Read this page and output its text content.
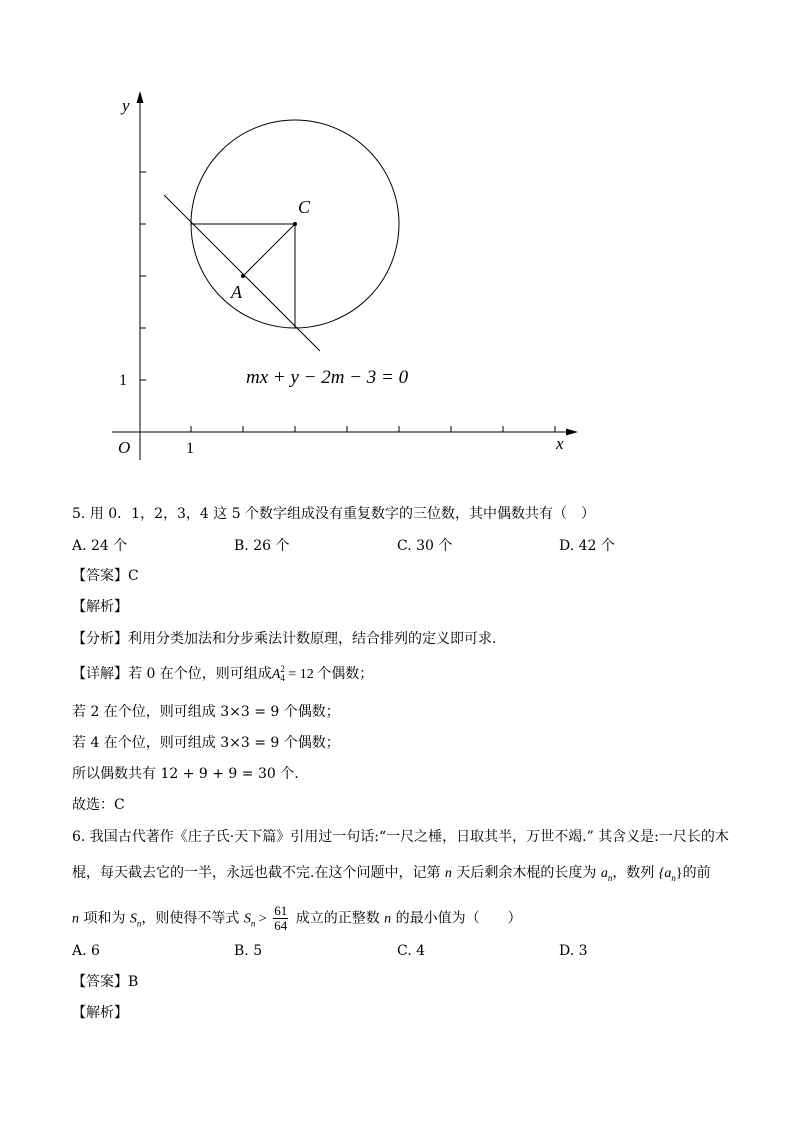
y
x
O	1
1
C
A
mx + y − 2m − 3 = 0
5. 用 0．1，2，3，4 这 5 个数字组成没有重复数字的三位数，其中偶数共有（　）
A. 24 个	B. 26 个	C. 30 个	D. 42 个
【答案】C
【解析】
【分析】利用分类加法和分步乘法计数原理，结合排列的定义即可求.
【详解】若 0 在个位，则可组成A 2
4 = 12 个偶数；
若 2 在个位，则可组成 3×3 = 9 个偶数；
若 4 在个位，则可组成 3×3 = 9 个偶数；
所以偶数共有 12 + 9 + 9 = 30 个.
故选：C
6. 我国古代著作《庄子氏·天下篇》引用过一句话:“一尺之棰，日取其半，万世不竭.” 其含义是:一尺长的木
棍，每天截去它的一半，永远也截不完.在这个问题中，记第 n 天后剩余木棍的长度为 $a_n$，数列 $\{a_n\}$的前
n 项和为 $S_n$，则使得不等式 $S_n > \frac{61}{64}$ 成立的正整数 n 的最小值为（　　）
A. 6	B. 5	C. 4	D. 3
【答案】B
【解析】
